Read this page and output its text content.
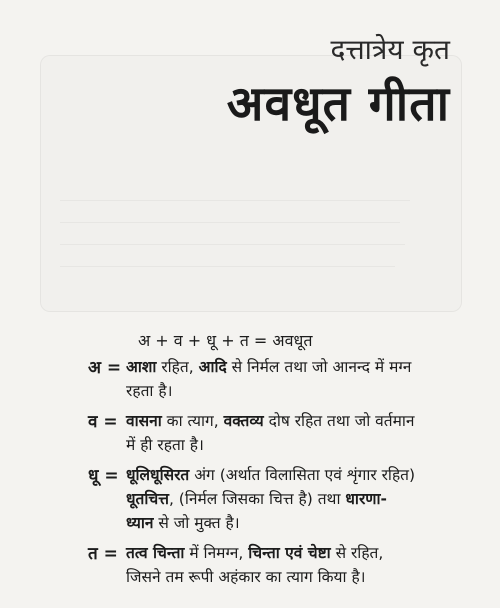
दत्तात्रेय कृत
अवधूत गीता
अ + व + धू + त = अवधूत
अ = आशा रहित, आदि से निर्मल तथा जो आनन्द में मग्न
रहता है।
व = वासना का त्याग, वक्तव्य दोष रहित तथा जो वर्तमान
में ही रहता है।
धू = धूलिधूसिरत अंग (अर्थात विलासिता एवं शृंगार रहित)
धूतचित्त, (निर्मल जिसका चित्त है) तथा धारणा-
ध्यान से जो मुक्त है।
त = तत्व चिन्ता में निमग्न, चिन्ता एवं चेष्टा से रहित,
जिसने तम रूपी अहंकार का त्याग किया है।
